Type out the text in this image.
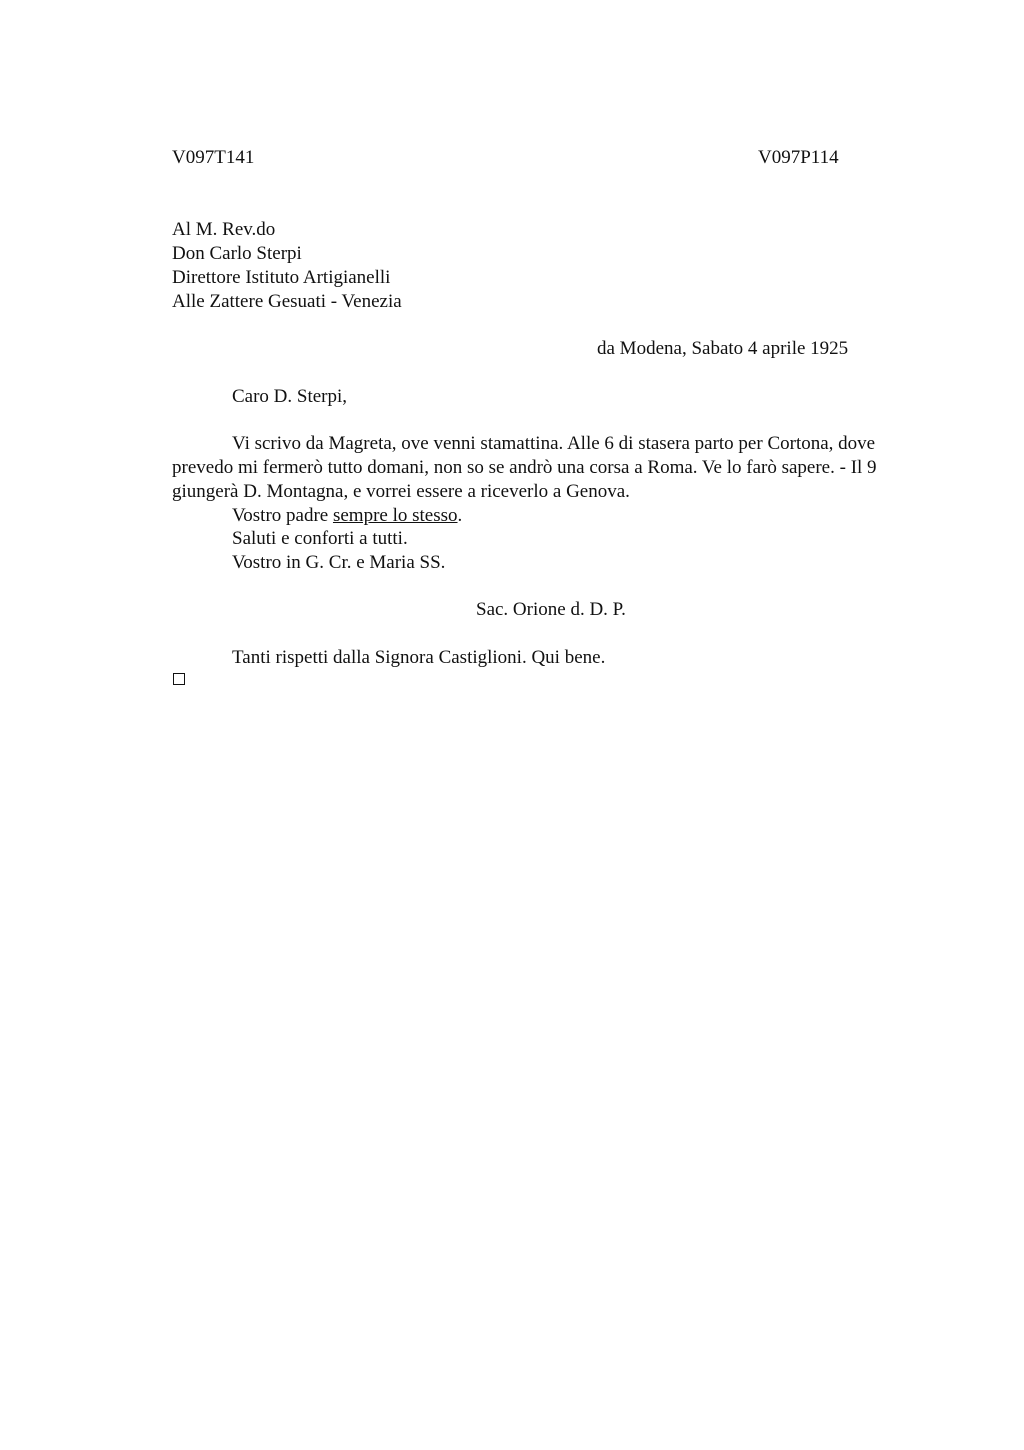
V097T141	V097P114
Al M. Rev.do
Don Carlo Sterpi
Direttore Istituto Artigianelli
Alle Zattere Gesuati - Venezia
da Modena, Sabato 4 aprile 1925
Caro D. Sterpi,
Vi scrivo da Magreta, ove venni stamattina. Alle 6 di stasera parto per Cortona, dove prevedo mi fermerò tutto domani, non so se andrò una corsa a Roma. Ve lo farò sapere. - Il 9 giungerà D. Montagna, e vorrei essere a riceverlo a Genova.
Vostro padre sempre lo stesso.
Saluti e conforti a tutti.
Vostro in G. Cr. e Maria SS.
Sac. Orione d. D. P.
Tanti rispetti dalla Signora Castiglioni. Qui bene.
